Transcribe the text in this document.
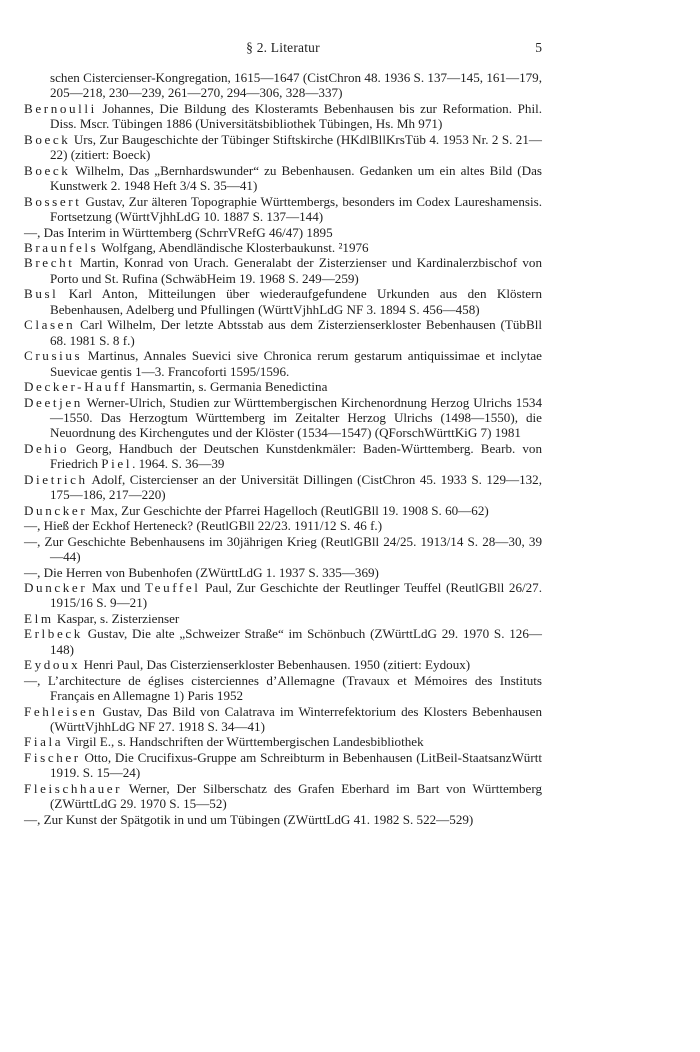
§ 2. Literatur	5

schen Cistercienser-Kongregation, 1615—1647 (CistChron 48. 1936 S. 137—145, 161—179, 205—218, 230—239, 261—270, 294—306, 328—337)

Bernoulli Johannes, Die Bildung des Klosteramts Bebenhausen bis zur Reformation. Phil. Diss. Mscr. Tübingen 1886 (Universitätsbibliothek Tübingen, Hs. Mh 971)

Boeck Urs, Zur Baugeschichte der Tübinger Stiftskirche (HKdlBllKrsTüb 4. 1953 Nr. 2 S. 21—22) (zitiert: Boeck)

Boeck Wilhelm, Das „Bernhardswunder“ zu Bebenhausen. Gedanken um ein altes Bild (Das Kunstwerk 2. 1948 Heft 3/4 S. 35—41)

Bossert Gustav, Zur älteren Topographie Württembergs, besonders im Codex Laureshamensis. Fortsetzung (WürttVjhhLdG 10. 1887 S. 137—144)

—, Das Interim in Württemberg (SchrrVRefG 46/47) 1895

Braunfels Wolfgang, Abendländische Klosterbaukunst. ²1976

Brecht Martin, Konrad von Urach. Generalabt der Zisterzienser und Kardinalerzbischof von Porto und St. Rufina (SchwäbHeim 19. 1968 S. 249—259)

Busl Karl Anton, Mitteilungen über wiederaufgefundene Urkunden aus den Klöstern Bebenhausen, Adelberg und Pfullingen (WürttVjhhLdG NF 3. 1894 S. 456—458)

Clasen Carl Wilhelm, Der letzte Abtsstab aus dem Zisterzienserkloster Bebenhausen (TübBll 68. 1981 S. 8 f.)

Crusius Martinus, Annales Suevici sive Chronica rerum gestarum antiquissimae et inclytae Suevicae gentis 1—3. Francoforti 1595/1596.

Decker-Hauff Hansmartin, s. Germania Benedictina

Deetjen Werner-Ulrich, Studien zur Württembergischen Kirchenordnung Herzog Ulrichs 1534—1550. Das Herzogtum Württemberg im Zeitalter Herzog Ulrichs (1498—1550), die Neuordnung des Kirchengutes und der Klöster (1534—1547) (QForschWürttKiG 7) 1981

Dehio Georg, Handbuch der Deutschen Kunstdenkmäler: Baden-Württemberg. Bearb. von Friedrich Piel. 1964. S. 36—39

Dietrich Adolf, Cistercienser an der Universität Dillingen (CistChron 45. 1933 S. 129—132, 175—186, 217—220)

Duncker Max, Zur Geschichte der Pfarrei Hagelloch (ReutlGBll 19. 1908 S. 60—62)

—, Hieß der Eckhof Herteneck? (ReutlGBll 22/23. 1911/12 S. 46 f.)

—, Zur Geschichte Bebenhausens im 30jährigen Krieg (ReutlGBll 24/25. 1913/14 S. 28—30, 39—44)

—, Die Herren von Bubenhofen (ZWürttLdG 1. 1937 S. 335—369)

Duncker Max und Teuffel Paul, Zur Geschichte der Reutlinger Teuffel (ReutlGBll 26/27. 1915/16 S. 9—21)

Elm Kaspar, s. Zisterzienser

Erlbeck Gustav, Die alte „Schweizer Straße“ im Schönbuch (ZWürttLdG 29. 1970 S. 126—148)

Eydoux Henri Paul, Das Cisterzienserkloster Bebenhausen. 1950 (zitiert: Eydoux)

—, L’architecture de églises cisterciennes d’Allemagne (Travaux et Mémoires des Instituts Français en Allemagne 1) Paris 1952

Fehleisen Gustav, Das Bild von Calatrava im Winterrefektorium des Klosters Bebenhausen (WürttVjhhLdG NF 27. 1918 S. 34—41)

Fiala Virgil E., s. Handschriften der Württembergischen Landesbibliothek

Fischer Otto, Die Crucifixus-Gruppe am Schreibturm in Bebenhausen (LitBeil-StaatsanzWürtt 1919. S. 15—24)

Fleischhauer Werner, Der Silberschatz des Grafen Eberhard im Bart von Württemberg (ZWürttLdG 29. 1970 S. 15—52)

—, Zur Kunst der Spätgotik in und um Tübingen (ZWürttLdG 41. 1982 S. 522—529)
